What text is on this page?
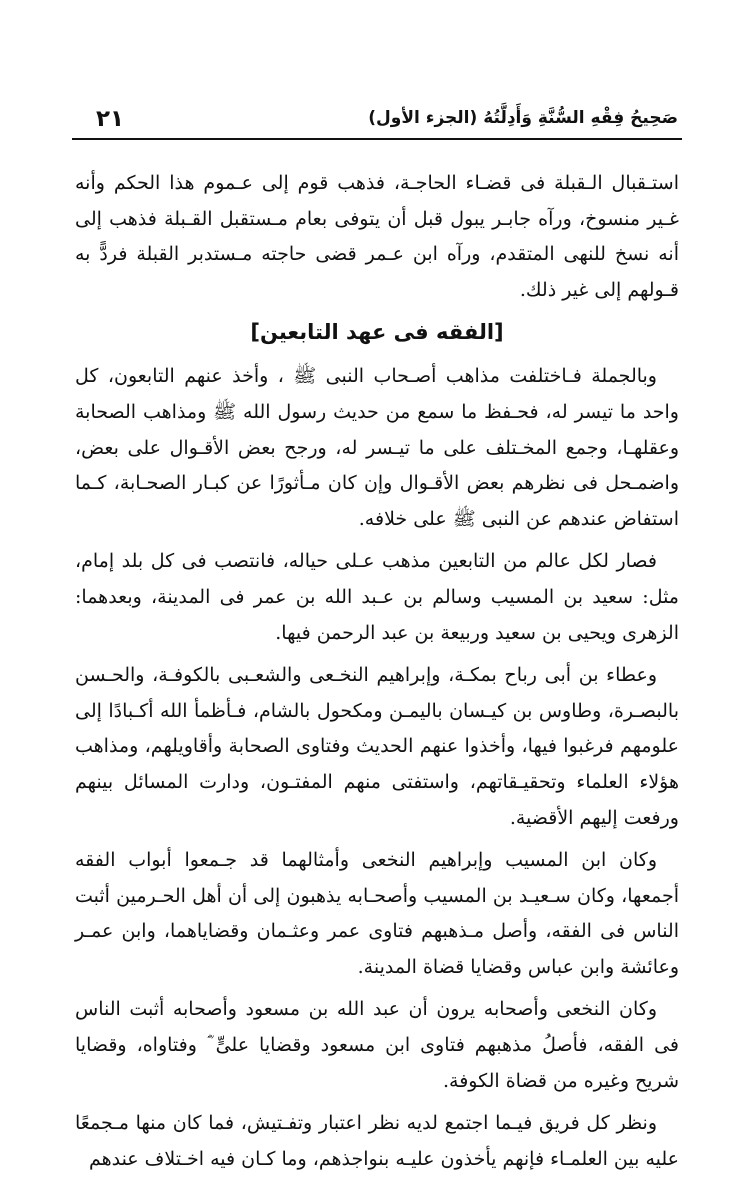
صَحِيحُ فِقْهِ السُّنَّةِ وَأَدِلَّتُهُ (الجزء الأول)
٢١

استـقبال الـقبلة فى قضـاء الحاجـة، فذهب قوم إلى عـموم هذا الحكم وأنه غـير منسوخ، ورآه جابـر يبول قبل أن يتوفى بعام مـستقبل القـبلة فذهب إلى أنه نسخ للنهى المتقدم، ورآه ابن عـمر قضى حاجته مـستدبر القبلة فردًّ به قـولهم إلى غير ذلك.

[الفقه فى عهد التابعين]

وبالجملة فـاختلفت مذاهب أصـحاب النبى ﷺ ، وأخذ عنهم التابعون، كل واحد ما تيسر له، فحـفظ ما سمع من حديث رسول الله ﷺ ومذاهب الصحابة وعقلهـا، وجمع المخـتلف على ما تيـسر له، ورجح بعض الأقـوال على بعض، واضمـحل فى نظرهم بعض الأقـوال وإن كان مـأثورًا عن كبـار الصحـابة، كـما استفاض عندهم عن النبى ﷺ على خلافه.

فصار لكل عالم من التابعين مذهب عـلى حياله، فانتصب فى كل بلد إمام، مثل: سعيد بن المسيب وسالم بن عـبد الله بن عمر فى المدينة، وبعدهما: الزهرى ويحيى بن سعيد وربيعة بن عبد الرحمن فيها.

وعطاء بن أبى رباح بمكـة، وإبراهيم النخـعى والشعـبى بالكوفـة، والحـسن بالبصـرة، وطاوس بن كيـسان باليمـن ومكحول بالشام، فـأظمأ الله أكـبادًا إلى علومهم فرغبوا فيها، وأخذوا عنهم الحديث وفتاوى الصحابة وأقاويلهم، ومذاهب هؤلاء العلماء وتحقيـقاتهم، واستفتى منهم المفتـون، ودارت المسائل بينهم ورفعت إليهم الأقضية.

وكان ابن المسيب وإبراهيم النخعى وأمثالهما قد جـمعوا أبواب الفقه أجمعها، وكان سـعيـد بن المسيب وأصحـابه يذهبون إلى أن أهل الحـرمين أثبت الناس فى الفقه، وأصل مـذهبهم فتاوى عمر وعثـمان وقضاياهما، وابن عمـر وعائشة وابن عباس وقضايا قضاة المدينة.

وكان النخعى وأصحابه يرون أن عبد الله بن مسعود وأصحابه أثبت الناس فى الفقه، فأصلُ مذهبهم فتاوى ابن مسعود وقضايا علىٍّ ؓ وفتاواه، وقضايا شريح وغيره من قضاة الكوفة.

ونظر كل فريق فيـما اجتمع لديه نظر اعتبار وتفـتيش، فما كان منها مـجمعًا عليه بين العلمـاء فإنهم يأخذون عليـه بنواجذهم، وما كـان فيه اخـتلاف عندهم
